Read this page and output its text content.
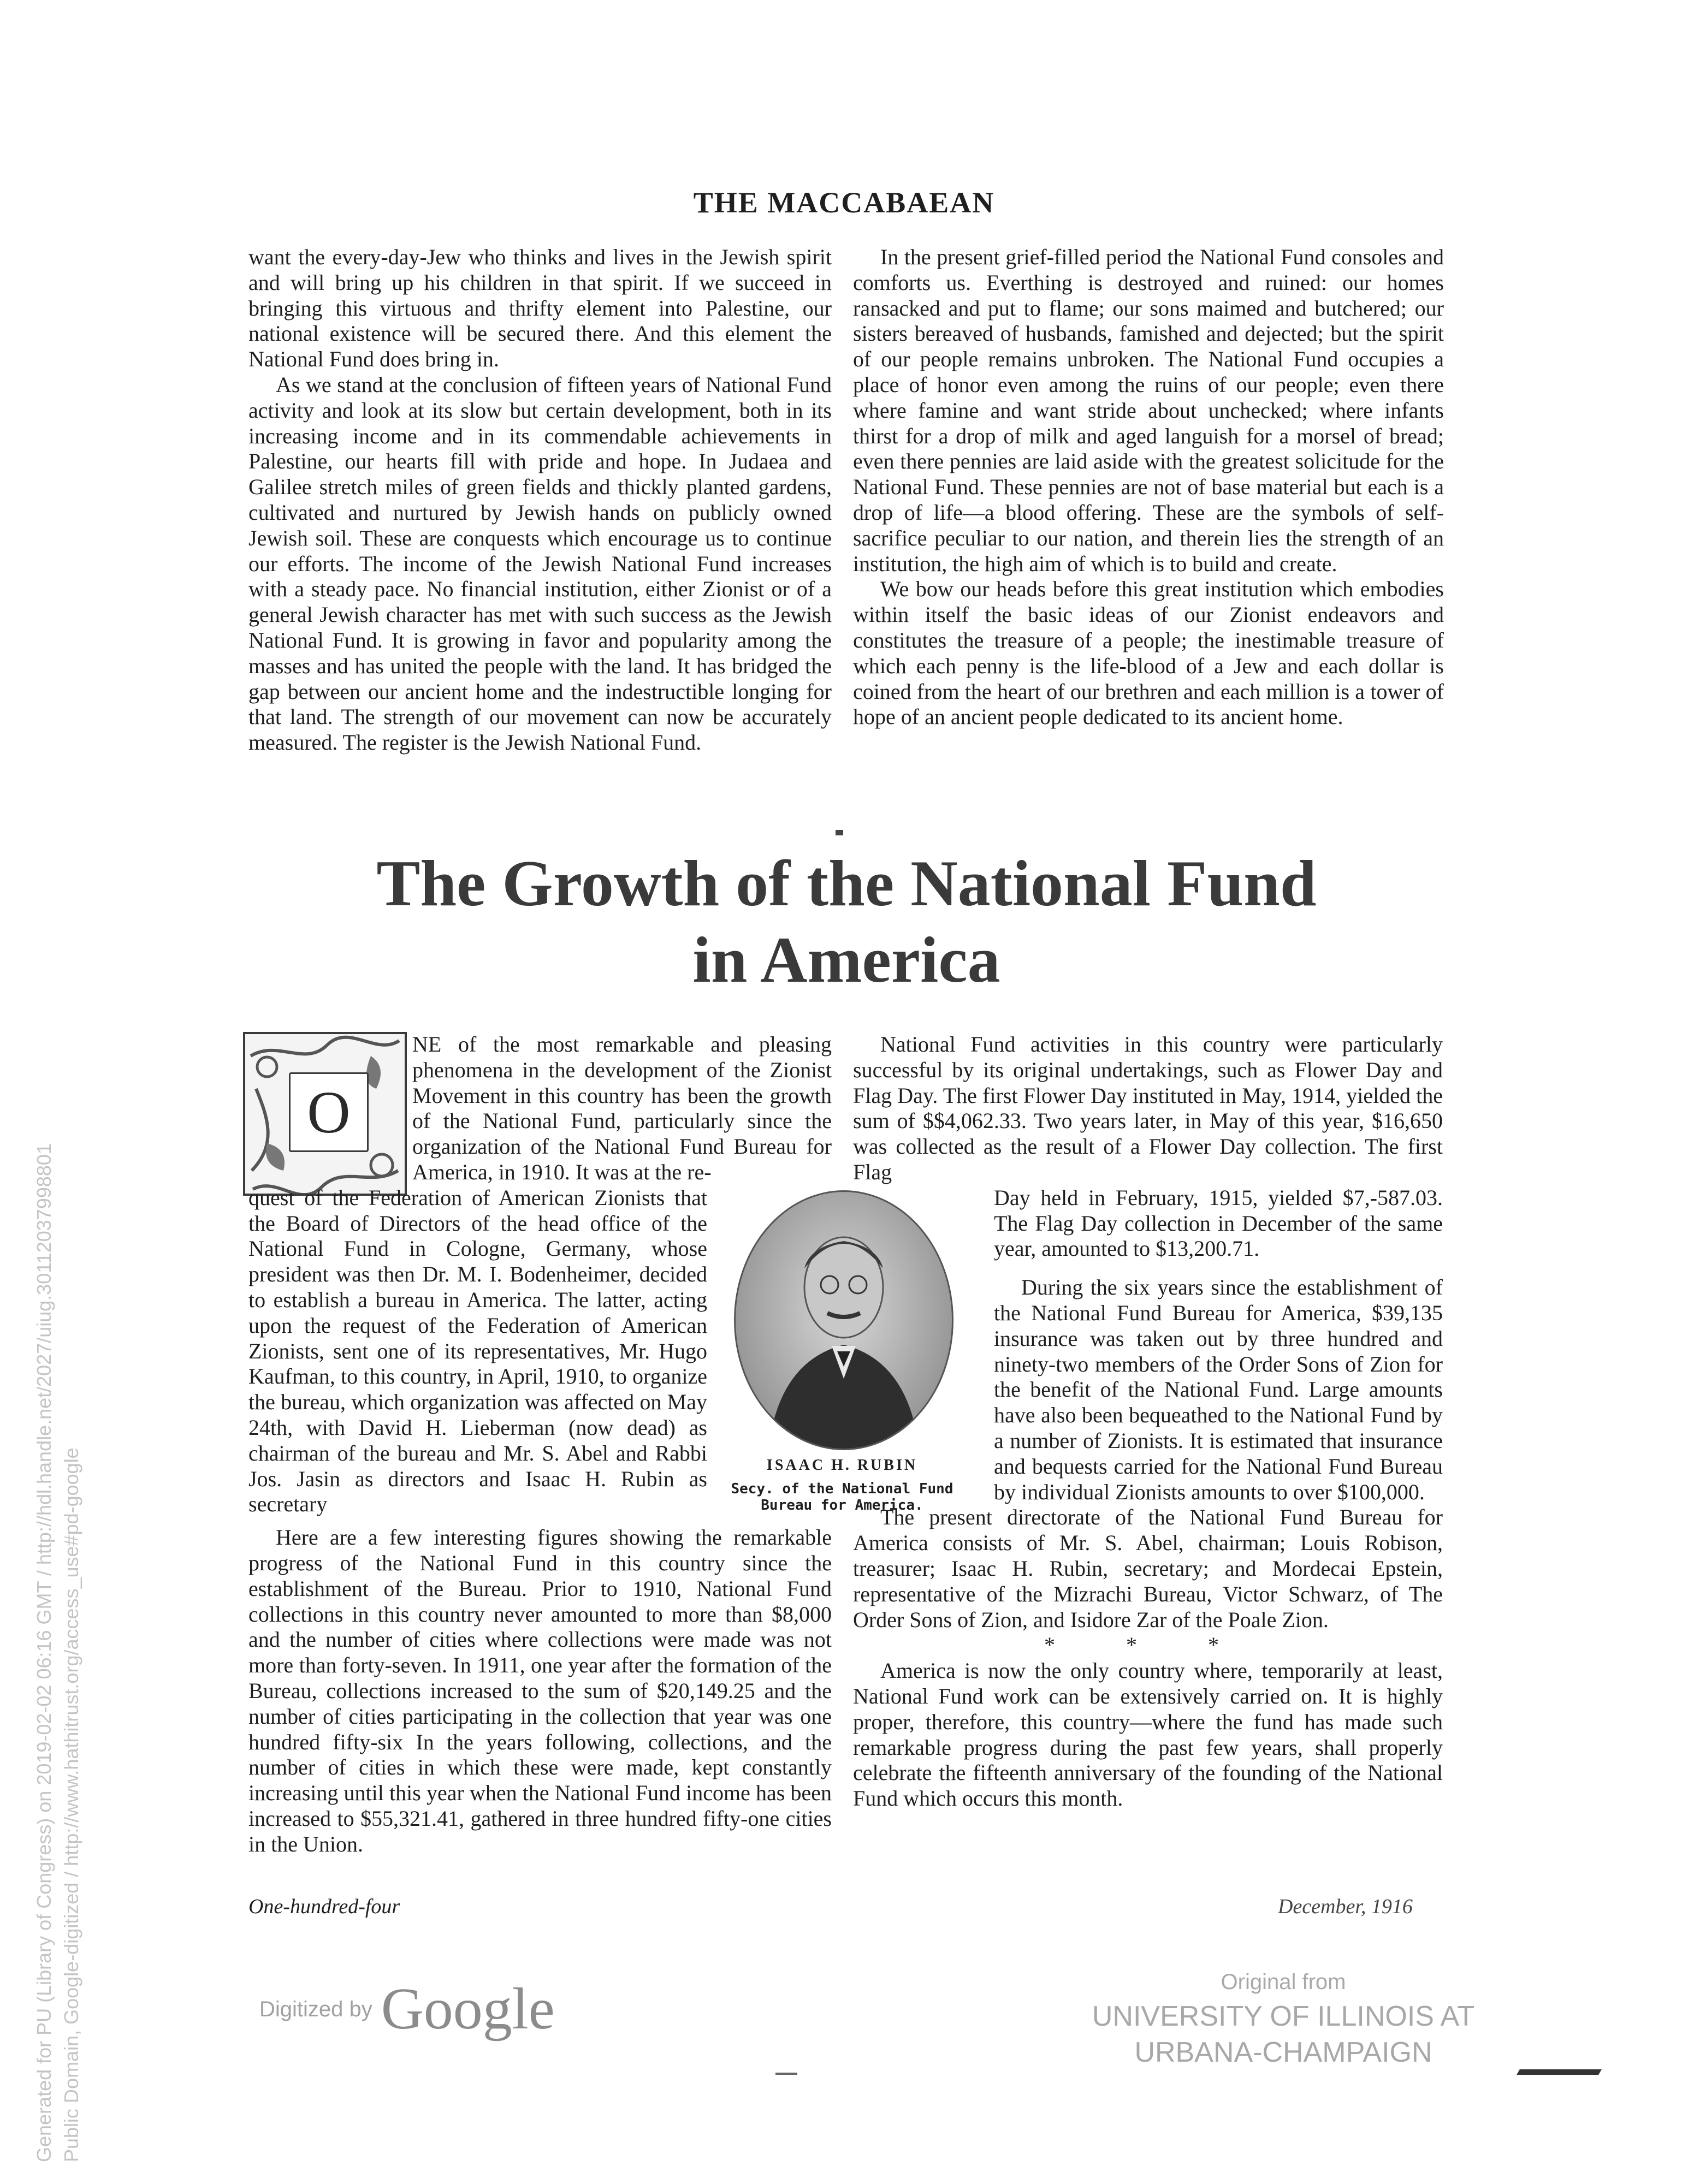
THE MACCABAEAN

want the every-day-Jew who thinks and lives in the Jewish spirit and will bring up his children in that spirit. If we succeed in bringing this virtuous and thrifty element into Palestine, our national existence will be secured there. And this element the National Fund does bring in.

As we stand at the conclusion of fifteen years of National Fund activity and look at its slow but certain development, both in its increasing income and in its commendable achievements in Palestine, our hearts fill with pride and hope. In Judaea and Galilee stretch miles of green fields and thickly planted gardens, cultivated and nurtured by Jewish hands on publicly owned Jewish soil. These are conquests which encourage us to continue our efforts. The income of the Jewish National Fund increases with a steady pace. No financial institution, either Zionist or of a general Jewish character has met with such success as the Jewish National Fund. It is growing in favor and popularity among the masses and has united the people with the land. It has bridged the gap between our ancient home and the indestructible longing for that land. The strength of our movement can now be accurately measured. The register is the Jewish National Fund.

In the present grief-filled period the National Fund consoles and comforts us. Everthing is destroyed and ruined: our homes ransacked and put to flame; our sons maimed and butchered; our sisters bereaved of husbands, famished and dejected; but the spirit of our people remains unbroken. The National Fund occupies a place of honor even among the ruins of our people; even there where famine and want stride about unchecked; where infants thirst for a drop of milk and aged languish for a morsel of bread; even there pennies are laid aside with the greatest solicitude for the National Fund. These pennies are not of base material but each is a drop of life—a blood offering. These are the symbols of self-sacrifice peculiar to our nation, and therein lies the strength of an institution, the high aim of which is to build and create.

We bow our heads before this great institution which embodies within itself the basic ideas of our Zionist endeavors and constitutes the treasure of a people; the inestimable treasure of which each penny is the life-blood of a Jew and each dollar is coined from the heart of our brethren and each million is a tower of hope of an ancient people dedicated to its ancient home.

The Growth of the National Fund
in America
O

NE of the most remarkable and pleasing phenomena in the development of the Zionist Movement in this country has been the growth of the National Fund, particularly since the organization of the National Fund Bureau for America, in 1910. It was at the re-

quest of the Federation of American Zionists that the Board of Directors of the head office of the National Fund in Cologne, Germany, whose president was then Dr. M. I. Bodenheimer, decided to establish a bureau in America. The latter, acting upon the request of the Federation of American Zionists, sent one of its representatives, Mr. Hugo Kaufman, to this country, in April, 1910, to organize the bureau, which organization was affected on May 24th, with David H. Lieberman (now dead) as chairman of the bureau and Mr. S. Abel and Rabbi Jos. Jasin as directors and Isaac H. Rubin as secretary

Here are a few interesting figures showing the remarkable progress of the National Fund in this country since the establishment of the Bureau. Prior to 1910, National Fund collections in this country never amounted to more than $8,000 and the number of cities where collections were made was not more than forty-seven. In 1911, one year after the formation of the Bureau, collections increased to the sum of $20,149.25 and the number of cities participating in the collection that year was one hundred fifty-six In the years following, collections, and the number of cities in which these were made, kept constantly increasing until this year when the National Fund income has been increased to $55,321.41, gathered in three hundred fifty-one cities in the Union.

ISAAC H. RUBIN
Secy. of the National Fund
Bureau for America.

National Fund activities in this country were particularly successful by its original undertakings, such as Flower Day and Flag Day. The first Flower Day instituted in May, 1914, yielded the sum of $$4,062.33. Two years later, in May of this year, $16,650 was collected as the result of a Flower Day collection. The first Flag

Day held in February, 1915, yielded $7,-587.03. The Flag Day collection in December of the same year, amounted to $13,200.71.

During the six years since the establishment of the National Fund Bureau for America, $39,135 insurance was taken out by three hundred and ninety-two members of the Order Sons of Zion for the benefit of the National Fund. Large amounts have also been bequeathed to the National Fund by a number of Zionists. It is estimated that insurance and bequests carried for the National Fund Bureau by individual Zionists amounts to over $100,000.

The present directorate of the National Fund Bureau for America consists of Mr. S. Abel, chairman; Louis Robison, treasurer; Isaac H. Rubin, secretary; and Mordecai Epstein, representative of the Mizrachi Bureau, Victor Schwarz, of The Order Sons of Zion, and Isidore Zar of the Poale Zion.

* * *

America is now the only country where, temporarily at least, National Fund work can be extensively carried on. It is highly proper, therefore, this country—where the fund has made such remarkable progress during the past few years, shall properly celebrate the fifteenth anniversary of the founding of the National Fund which occurs this month.

One-hundred-four	December, 1916
Digitized by Google	Original from
UNIVERSITY OF ILLINOIS AT
URBANA-CHAMPAIGN
Generated for PU (Library of Congress) on 2019-02-02 06:16 GMT / http://hdl.handle.net/2027/uiug.30112037998801 Public Domain, Google-digitized / http://www.hathitrust.org/access_use#pd-google
